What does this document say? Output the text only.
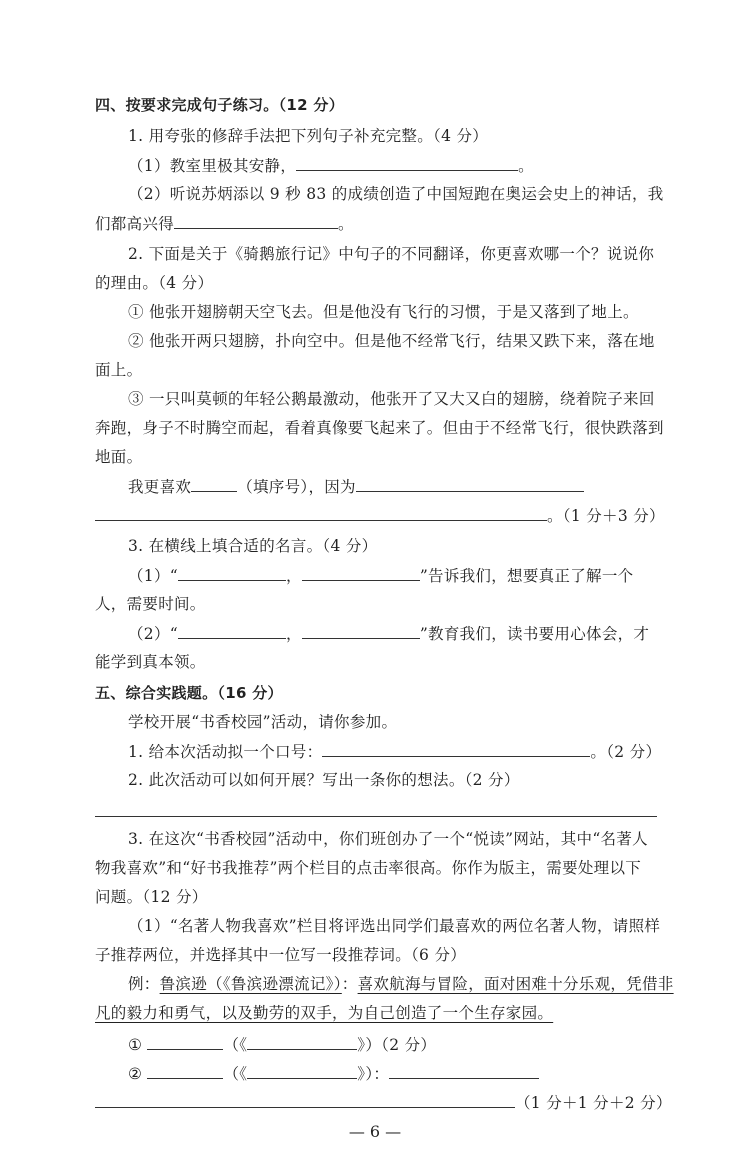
四、按要求完成句子练习。（12 分）
1. 用夸张的修辞手法把下列句子补充完整。（4 分）
（1）教室里极其安静，	。
（2）听说苏炳添以 9 秒 83 的成绩创造了中国短跑在奥运会史上的神话，我
们都高兴得	。
2. 下面是关于《骑鹅旅行记》中句子的不同翻译，你更喜欢哪一个？说说你
的理由。（4 分）
① 他张开翅膀朝天空飞去。但是他没有飞行的习惯，于是又落到了地上。
② 他张开两只翅膀，扑向空中。但是他不经常飞行，结果又跌下来，落在地
面上。
③ 一只叫莫顿的年轻公鹅最激动，他张开了又大又白的翅膀，绕着院子来回
奔跑，身子不时腾空而起，看着真像要飞起来了。但由于不经常飞行，很快跌落到
地面。
我更喜欢	（填序号），因为
。（1 分＋3 分）
3. 在横线上填合适的名言。（4 分）
（1）“	，	”告诉我们，想要真正了解一个
人，需要时间。
（2）“	，	”教育我们，读书要用心体会，才
能学到真本领。
五、综合实践题。（16 分）
学校开展“书香校园”活动，请你参加。
1. 给本次活动拟一个口号：	。（2 分）
2. 此次活动可以如何开展？写出一条你的想法。（2 分）
3. 在这次“书香校园”活动中，你们班创办了一个“悦读”网站，其中“名著人
物我喜欢”和“好书我推荐”两个栏目的点击率很高。你作为版主，需要处理以下
问题。（12 分）
（1）“名著人物我喜欢”栏目将评选出同学们最喜欢的两位名著人物，请照样
子推荐两位，并选择其中一位写一段推荐词。（6 分）
例：鲁滨逊（《鲁滨逊漂流记》）：喜欢航海与冒险，面对困难十分乐观，凭借非
凡的毅力和勇气，以及勤劳的双手，为自己创造了一个生存家园。
①	（《	》）（2 分）
②	（《	》）：
（1 分＋1 分＋2 分）
— 6 —
